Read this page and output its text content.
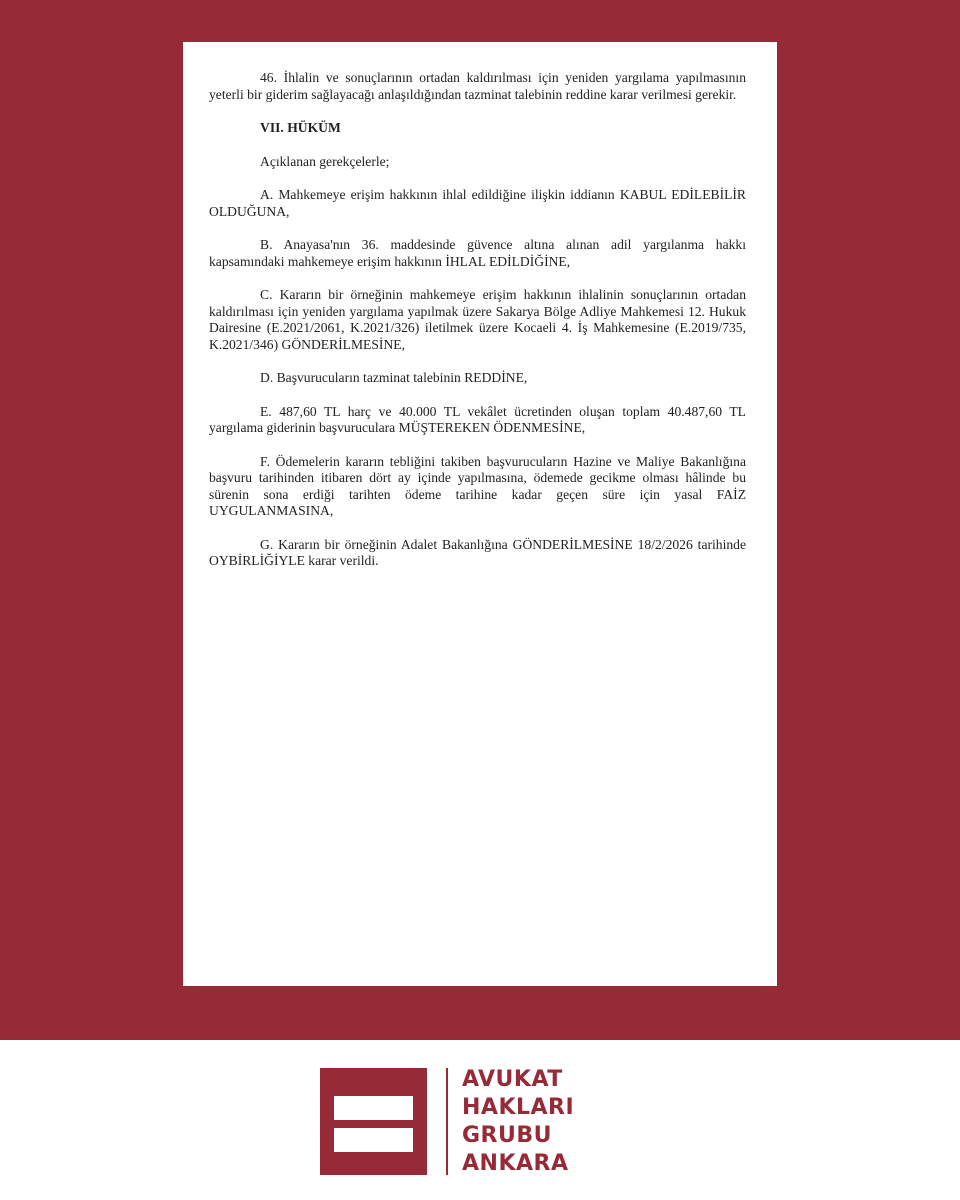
46. İhlalin ve sonuçlarının ortadan kaldırılması için yeniden yargılama yapılmasının yeterli bir giderim sağlayacağı anlaşıldığından tazminat talebinin reddine karar verilmesi gerekir.

VII. HÜKÜM

Açıklanan gerekçelerle;

A. Mahkemeye erişim hakkının ihlal edildiğine ilişkin iddianın KABUL EDİLEBİLİR OLDUĞUNA,

B. Anayasa'nın 36. maddesinde güvence altına alınan adil yargılanma hakkı kapsamındaki mahkemeye erişim hakkının İHLAL EDİLDİĞİNE,

C. Kararın bir örneğinin mahkemeye erişim hakkının ihlalinin sonuçlarının ortadan kaldırılması için yeniden yargılama yapılmak üzere Sakarya Bölge Adliye Mahkemesi 12. Hukuk Dairesine (E.2021/2061, K.2021/326) iletilmek üzere Kocaeli 4. İş Mahkemesine (E.2019/735, K.2021/346) GÖNDERİLMESİNE,

D. Başvurucuların tazminat talebinin REDDİNE,

E. 487,60 TL harç ve 40.000 TL vekâlet ücretinden oluşan toplam 40.487,60 TL yargılama giderinin başvuruculara MÜŞTEREKEN ÖDENMESİNE,

F. Ödemelerin kararın tebliğini takiben başvurucuların Hazine ve Maliye Bakanlığına başvuru tarihinden itibaren dört ay içinde yapılmasına, ödemede gecikme olması hâlinde bu sürenin sona erdiği tarihten ödeme tarihine kadar geçen süre için yasal FAİZ UYGULANMASINA,

G. Kararın bir örneğinin Adalet Bakanlığına GÖNDERİLMESİNE 18/2/2026 tarihinde OYBİRLİĞİYLE karar verildi.

AVUKAT
HAKLARI
GRUBU
ANKARA
